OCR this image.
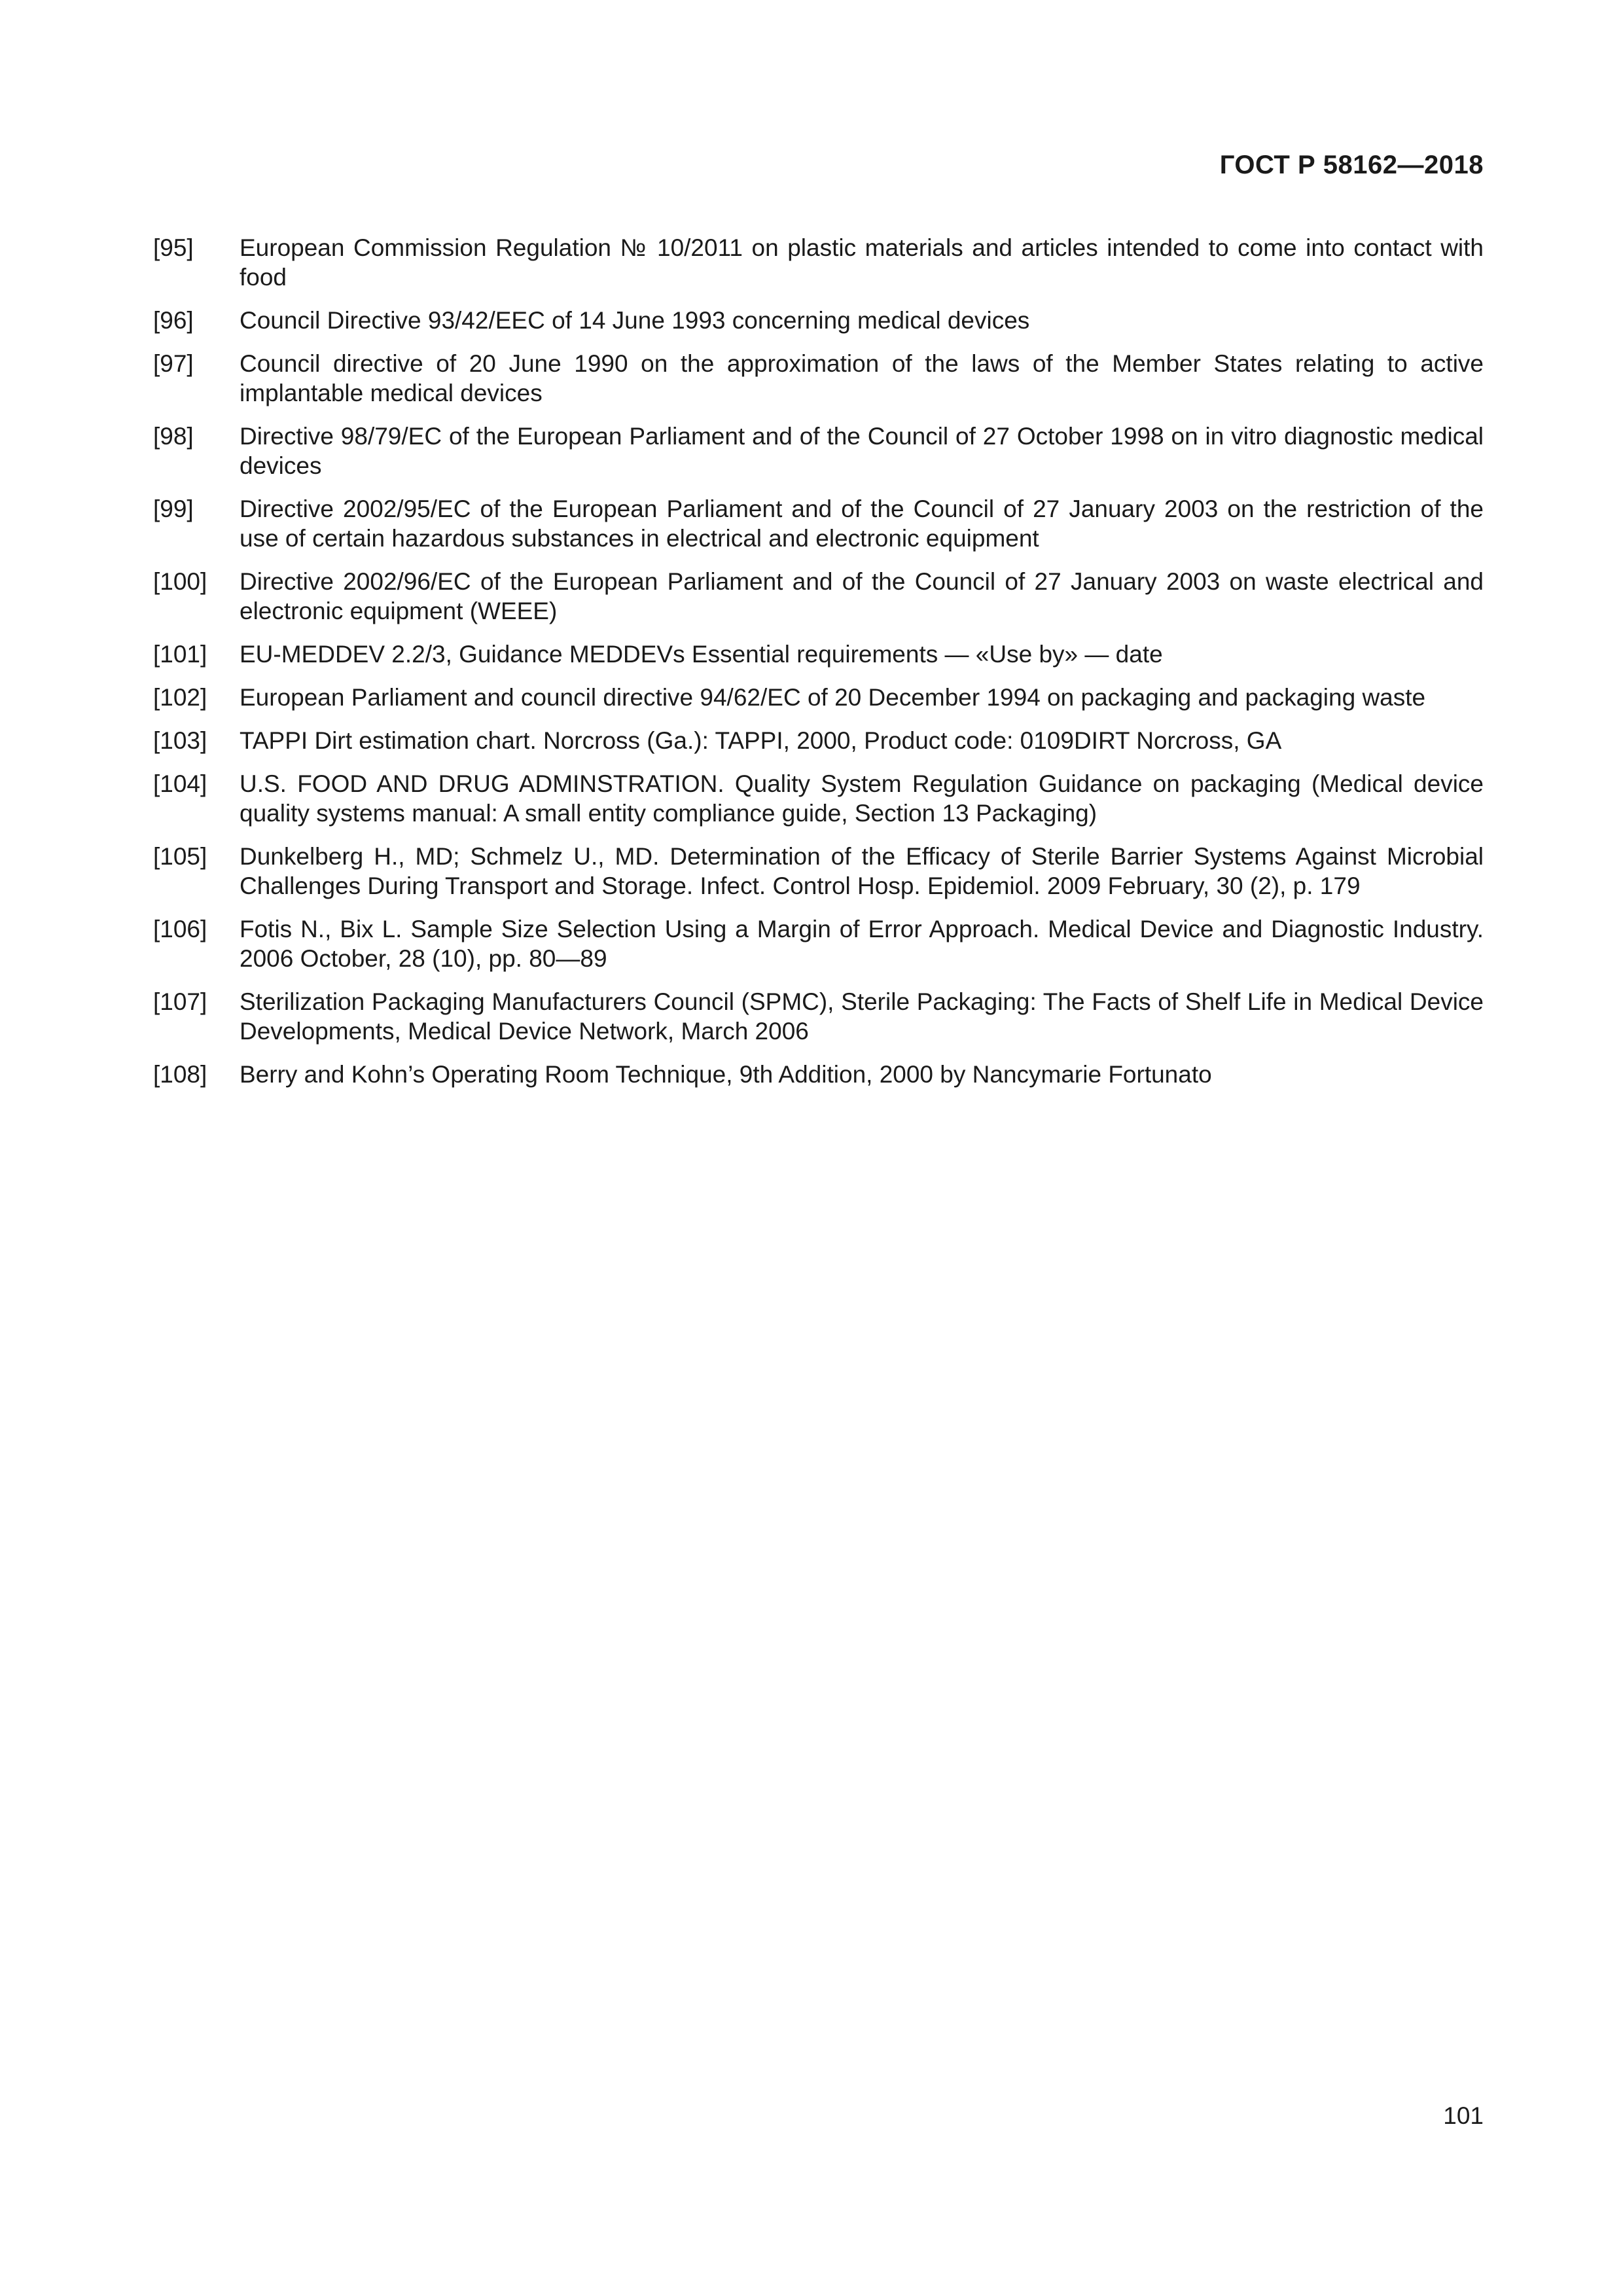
ГОСТ Р 58162—2018
[95]	European Commission Regulation № 10/2011 on plastic materials and articles intended to come into contact with food
[96]	Council Directive 93/42/EEC of 14 June 1993 concerning medical devices
[97]	Council directive of 20 June 1990 on the approximation of the laws of the Member States relating to active implantable medical devices
[98]	Directive 98/79/EC of the European Parliament and of the Council of 27 October 1998 on in vitro diagnostic medical devices
[99]	Directive 2002/95/EC of the European Parliament and of the Council of 27 January 2003 on the restriction of the use of certain hazardous substances in electrical and electronic equipment
[100]	Directive 2002/96/EC of the European Parliament and of the Council of 27 January 2003 on waste electrical and electronic equipment (WEEE)
[101]	EU-MEDDEV 2.2/3, Guidance MEDDEVs Essential requirements — «Use by» — date
[102]	European Parliament and council directive 94/62/EC of 20 December 1994 on packaging and packaging waste
[103]	TAPPI Dirt estimation chart. Norcross (Ga.): TAPPI, 2000, Product code: 0109DIRT Norcross, GA
[104]	U.S. FOOD AND DRUG ADMINSTRATION. Quality System Regulation Guidance on packaging (Medical device quality systems manual: A small entity compliance guide, Section 13 Packaging)
[105]	Dunkelberg H., MD; Schmelz U., MD. Determination of the Efficacy of Sterile Barrier Systems Against Microbial Challenges During Transport and Storage. Infect. Control Hosp. Epidemiol. 2009 February, 30 (2), p. 179
[106]	Fotis N., Bix L. Sample Size Selection Using a Margin of Error Approach. Medical Device and Diagnostic Industry. 2006 October, 28 (10), pp. 80—89
[107]	Sterilization Packaging Manufacturers Council (SPMC), Sterile Packaging: The Facts of Shelf Life in Medical Device Developments, Medical Device Network, March 2006
[108]	Berry and Kohn’s Operating Room Technique, 9th Addition, 2000 by Nancymarie Fortunato
101
